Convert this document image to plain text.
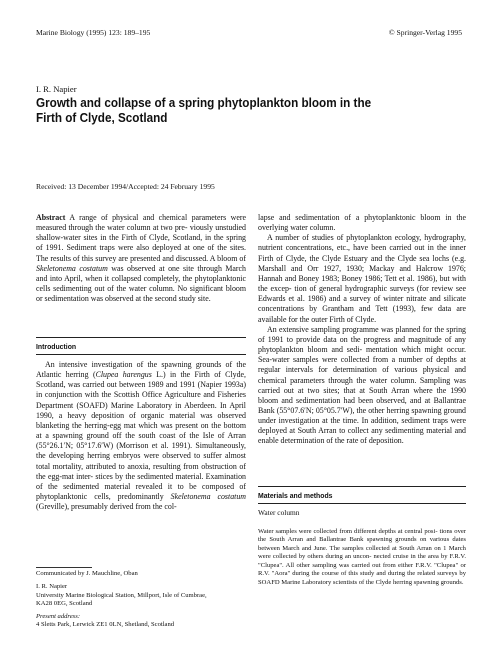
Marine Biology (1995) 123: 189–195	© Springer-Verlag 1995
I. R. Napier
Growth and collapse of a spring phytoplankton bloom in the
Firth of Clyde, Scotland
Received: 13 December 1994/Accepted: 24 February 1995

Abstract A range of physical and chemical parameters were measured through the water column at two pre- viously unstudied shallow-water sites in the Firth of Clyde, Scotland, in the spring of 1991. Sediment traps were also deployed at one of the sites. The results of this survey are presented and discussed. A bloom of Skeletonema costatum was observed at one site through March and into April, when it collapsed completely, the phytoplanktonic cells sedimenting out of the water column. No significant bloom or sedimentation was observed at the second study site.

Introduction

An intensive investigation of the spawning grounds of the Atlantic herring (Clupea harengus L.) in the Firth of Clyde, Scotland, was carried out between 1989 and 1991 (Napier 1993a) in conjunction with the Scottish Office Agriculture and Fisheries Department (SOAFD) Marine Laboratory in Aberdeen. In April 1990, a heavy deposition of organic material was observed blanketing the herring-egg mat which was present on the bottom at a spawning ground off the south coast of the Isle of Arran (55°26.1′N; 05°17.6′W) (Morrison et al. 1991). Simultaneously, the developing herring embryos were observed to suffer almost total mortality, attributed to anoxia, resulting from obstruction of the egg-mat inter- stices by the sedimented material. Examination of the sedimented material revealed it to be composed of phytoplanktonic cells, predominantly Skeletonema costatum (Greville), presumably derived from the col-

Communicated by J. Mauchline, Oban

I. R. Napier

University Marine Biological Station, Millport, Isle of Cumbrae,

KA28 0EG, Scotland

Present address:

4 Sletts Park, Lerwick ZE1 0LN, Shetland, Scotland

lapse and sedimentation of a phytoplanktonic bloom in the overlying water column.

A number of studies of phytoplankton ecology, hydrography, nutrient concentrations, etc., have been carried out in the inner Firth of Clyde, the Clyde Estuary and the Clyde sea lochs (e.g. Marshall and Orr 1927, 1930; Mackay and Halcrow 1976; Hannah and Boney 1983; Boney 1986; Tett et al. 1986), but with the excep- tion of general hydrographic surveys (for review see Edwards et al. 1986) and a survey of winter nitrate and silicate concentrations by Grantham and Tett (1993), few data are available for the outer Firth of Clyde.

An extensive sampling programme was planned for the spring of 1991 to provide data on the progress and magnitude of any phytoplankton bloom and sedi- mentation which might occur. Sea-water samples were collected from a number of depths at regular intervals for determination of various physical and chemical parameters through the water column. Sampling was carried out at two sites; that at South Arran where the 1990 bloom and sedimentation had been observed, and at Ballantrae Bank (55°07.6′N; 05°05.7′W), the other herring spawning ground under investigation at the time. In addition, sediment traps were deployed at South Arran to collect any sedimenting material and enable determination of the rate of deposition.

Materials and methods
Water column
Water samples were collected from different depths at central posi- tions over the South Arran and Ballantrae Bank spawning grounds on various dates between March and June. The samples collected at South Arran on 1 March were collected by others during an uncon- nected cruise in the area by F.R.V. "Clupea". All other sampling was carried out from either F.R.V. "Clupea" or R.V. "Aora" during the course of this study and during the related surveys by SOAFD Marine Laboratory scientists of the Clyde herring spawning grounds.
